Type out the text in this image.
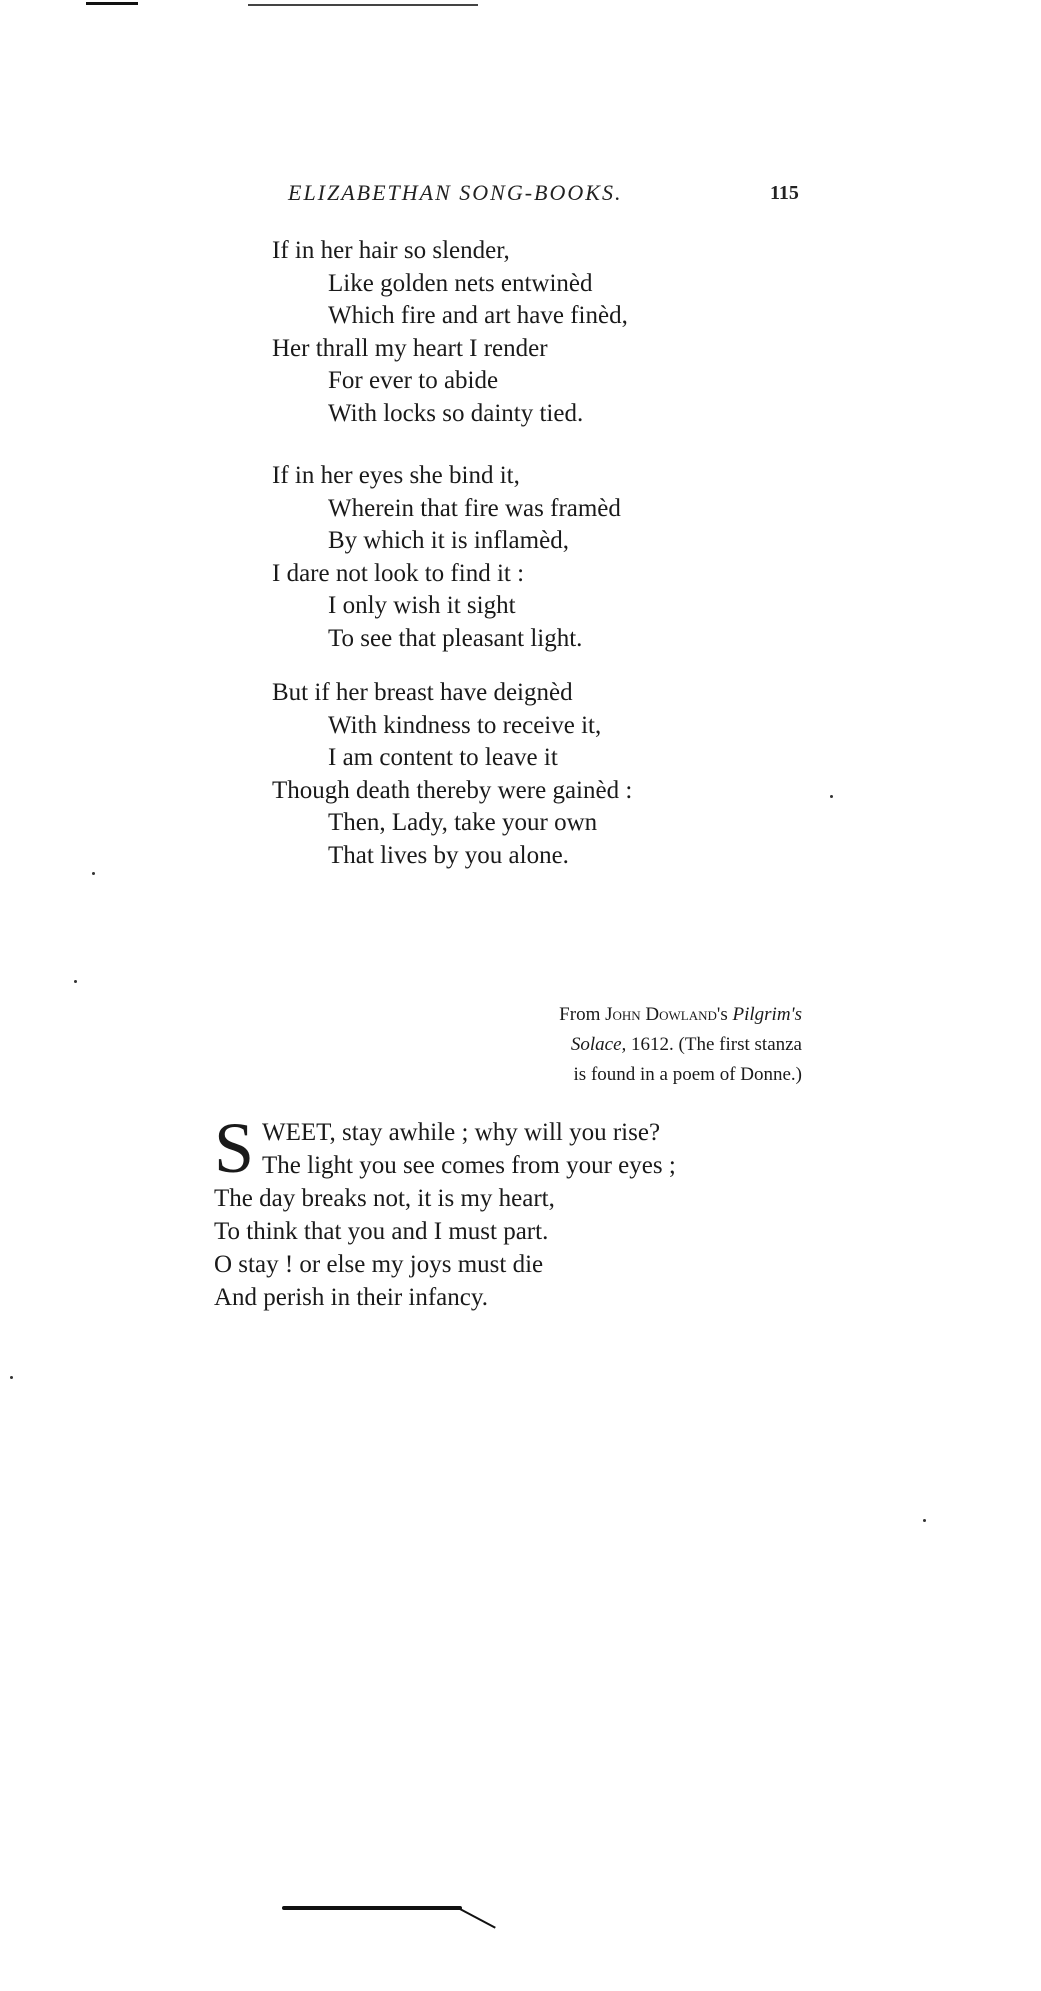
ELIZABETHAN SONG-BOOKS.	115
If in her hair so slender,
Like golden nets entwinèd
Which fire and art have finèd,
Her thrall my heart I render
For ever to abide
With locks so dainty tied.
If in her eyes she bind it,
Wherein that fire was framèd
By which it is inflamèd,
I dare not look to find it :
I only wish it sight
To see that pleasant light.
But if her breast have deignèd
With kindness to receive it,
I am content to leave it
Though death thereby were gainèd :
Then, Lady, take your own
That lives by you alone.
From John Dowland's Pilgrim's
Solace, 1612. (The first stanza
is found in a poem of Donne.)
S WEET, stay awhile ; why will you rise?
The light you see comes from your eyes ;
The day breaks not, it is my heart,
To think that you and I must part.
O stay ! or else my joys must die
And perish in their infancy.
